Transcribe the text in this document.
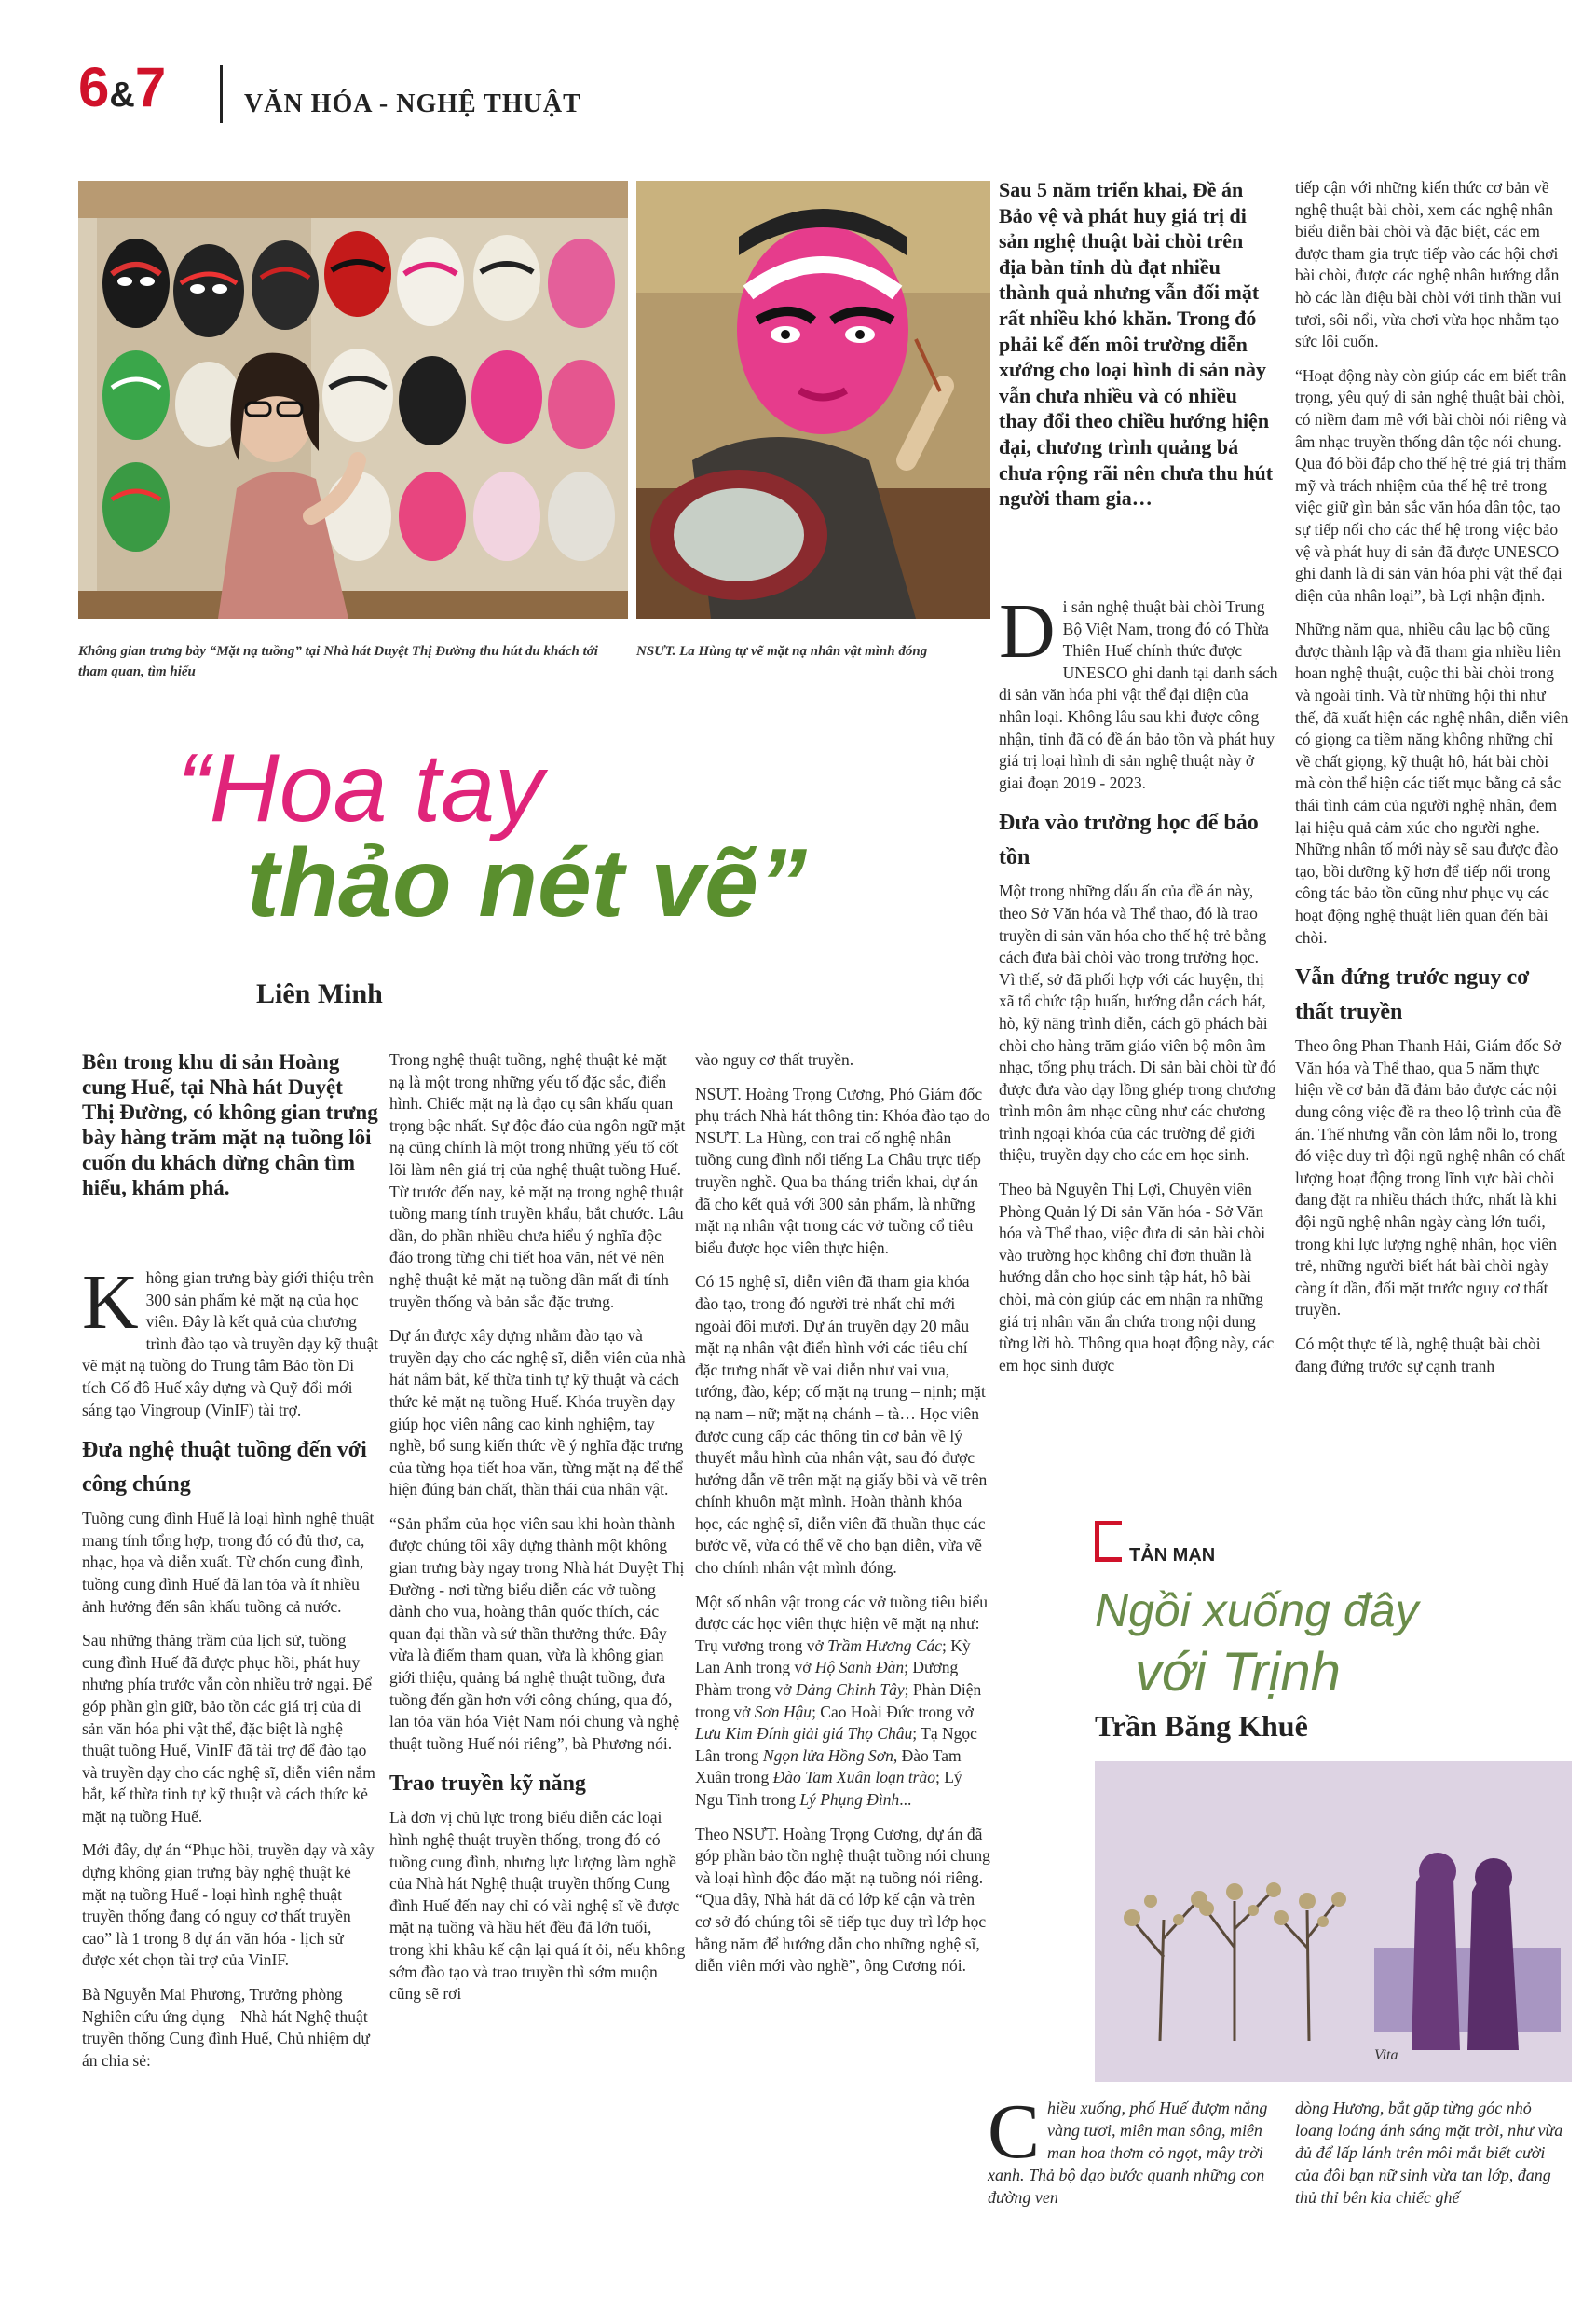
6&7	VĂN HÓA - NGHỆ THUẬT
Không gian trưng bày “Mặt nạ tuồng” tại Nhà hát Duyệt Thị Đường thu hút du khách tới tham quan, tìm hiểu
NSƯT. La Hùng tự vẽ mặt nạ nhân vật mình đóng
“Hoa tay
thảo nét vẽ”
Liên Minh
Bên trong khu di sản Hoàng cung Huế, tại Nhà hát Duyệt Thị Đường, có không gian trưng bày hàng trăm mặt nạ tuồng lôi cuốn du khách dừng chân tìm hiểu, khám phá.

Không gian trưng bày giới thiệu trên 300 sản phẩm kẻ mặt nạ của học viên. Đây là kết quả của chương trình đào tạo và truyền dạy kỹ thuật vẽ mặt nạ tuồng do Trung tâm Bảo tồn Di tích Cố đô Huế xây dựng và Quỹ đổi mới sáng tạo Vingroup (VinIF) tài trợ.

Đưa nghệ thuật tuồng đến với công chúng

Tuồng cung đình Huế là loại hình nghệ thuật mang tính tổng hợp, trong đó có đủ thơ, ca, nhạc, họa và diễn xuất. Từ chốn cung đình, tuồng cung đình Huế đã lan tỏa và ít nhiều ảnh hưởng đến sân khấu tuồng cả nước.

Sau những thăng trầm của lịch sử, tuồng cung đình Huế đã được phục hồi, phát huy nhưng phía trước vẫn còn nhiều trở ngại. Để góp phần gìn giữ, bảo tồn các giá trị của di sản văn hóa phi vật thể, đặc biệt là nghệ thuật tuồng Huế, VinIF đã tài trợ để đào tạo và truyền dạy cho các nghệ sĩ, diễn viên nắm bắt, kế thừa tinh tự kỹ thuật và cách thức kẻ mặt nạ tuồng Huế.

Mới đây, dự án “Phục hồi, truyền dạy và xây dựng không gian trưng bày nghệ thuật kẻ mặt nạ tuồng Huế - loại hình nghệ thuật truyền thống đang có nguy cơ thất truyền cao” là 1 trong 8 dự án văn hóa - lịch sử được xét chọn tài trợ của VinIF.

Bà Nguyễn Mai Phương, Trưởng phòng Nghiên cứu ứng dụng – Nhà hát Nghệ thuật truyền thống Cung đình Huế, Chủ nhiệm dự án chia sẻ:

Trong nghệ thuật tuồng, nghệ thuật kẻ mặt nạ là một trong những yếu tố đặc sắc, điển hình. Chiếc mặt nạ là đạo cụ sân khấu quan trọng bậc nhất. Sự độc đáo của ngôn ngữ mặt nạ cũng chính là một trong những yếu tố cốt lõi làm nên giá trị của nghệ thuật tuồng Huế. Từ trước đến nay, kẻ mặt nạ trong nghệ thuật tuồng mang tính truyền khẩu, bắt chước. Lâu dần, do phần nhiều chưa hiểu ý nghĩa độc đáo trong từng chi tiết hoa văn, nét vẽ nên nghệ thuật kẻ mặt nạ tuồng dần mất đi tính truyền thống và bản sắc đặc trưng.

Dự án được xây dựng nhằm đào tạo và truyền dạy cho các nghệ sĩ, diễn viên của nhà hát nắm bắt, kế thừa tinh tự kỹ thuật và cách thức kẻ mặt nạ tuồng Huế. Khóa truyền dạy giúp học viên nâng cao kinh nghiệm, tay nghề, bổ sung kiến thức về ý nghĩa đặc trưng của từng họa tiết hoa văn, từng mặt nạ để thể hiện đúng bản chất, thần thái của nhân vật.

“Sản phẩm của học viên sau khi hoàn thành được chúng tôi xây dựng thành một không gian trưng bày ngay trong Nhà hát Duyệt Thị Đường - nơi từng biểu diễn các vở tuồng dành cho vua, hoàng thân quốc thích, các quan đại thần và sứ thần thưởng thức. Đây vừa là điểm tham quan, vừa là không gian giới thiệu, quảng bá nghệ thuật tuồng, đưa tuồng đến gần hơn với công chúng, qua đó, lan tỏa văn hóa Việt Nam nói chung và nghệ thuật tuồng Huế nói riêng”, bà Phương nói.

Trao truyền kỹ năng

Là đơn vị chủ lực trong biểu diễn các loại hình nghệ thuật truyền thống, trong đó có tuồng cung đình, nhưng lực lượng làm nghề của Nhà hát Nghệ thuật truyền thống Cung đình Huế đến nay chỉ có vài nghệ sĩ về được mặt nạ tuồng và hầu hết đều đã lớn tuổi, trong khi khâu kế cận lại quá ít ỏi, nếu không sớm đào tạo và trao truyền thì sớm muộn cũng sẽ rơi

vào nguy cơ thất truyền.

NSƯT. Hoàng Trọng Cương, Phó Giám đốc phụ trách Nhà hát thông tin: Khóa đào tạo do NSƯT. La Hùng, con trai cố nghệ nhân tuồng cung đình nổi tiếng La Châu trực tiếp truyền nghề. Qua ba tháng triển khai, dự án đã cho kết quả với 300 sản phẩm, là những mặt nạ nhân vật trong các vở tuồng cổ tiêu biểu được học viên thực hiện.

Có 15 nghệ sĩ, diễn viên đã tham gia khóa đào tạo, trong đó người trẻ nhất chỉ mới ngoài đôi mươi. Dự án truyền dạy 20 mẫu mặt nạ nhân vật điển hình với các tiêu chí đặc trưng nhất về vai diễn như vai vua, tướng, đào, kép; cố mặt nạ trung – nịnh; mặt nạ nam – nữ; mặt nạ chánh – tà… Học viên được cung cấp các thông tin cơ bản về lý thuyết mẫu hình của nhân vật, sau đó được hướng dẫn vẽ trên mặt nạ giấy bồi và vẽ trên chính khuôn mặt mình. Hoàn thành khóa học, các nghệ sĩ, diễn viên đã thuần thục các bước vẽ, vừa có thể vẽ cho bạn diễn, vừa vẽ cho chính nhân vật mình đóng.

Một số nhân vật trong các vở tuồng tiêu biểu được các học viên thực hiện vẽ mặt nạ như: Trụ vương trong vở Trầm Hương Các; Kỳ Lan Anh trong vở Hộ Sanh Đàn; Dương Phàm trong vở Đảng Chinh Tây; Phàn Diện trong vở Sơn Hậu; Cao Hoài Đức trong vở Lưu Kim Đính giải giá Thọ Châu; Tạ Ngọc Lân trong Ngọn lửa Hồng Sơn, Đào Tam Xuân trong Đào Tam Xuân loạn trào; Lý Ngu Tinh trong Lý Phụng Đình...

Theo NSƯT. Hoàng Trọng Cương, dự án đã góp phần bảo tồn nghệ thuật tuồng nói chung và loại hình độc đáo mặt nạ tuồng nói riêng. “Qua đây, Nhà hát đã có lớp kế cận và trên cơ sở đó chúng tôi sẽ tiếp tục duy trì lớp học hằng năm để hướng dẫn cho những nghệ sĩ, diễn viên mới vào nghề”, ông Cương nói.

Sau 5 năm triển khai, Đề án Bảo vệ và phát huy giá trị di sản nghệ thuật bài chòi trên địa bàn tỉnh dù đạt nhiều thành quả nhưng vẫn đối mặt rất nhiều khó khăn. Trong đó phải kể đến môi trường diễn xướng cho loại hình di sản này vẫn chưa nhiều và có nhiều thay đổi theo chiều hướng hiện đại, chương trình quảng bá chưa rộng rãi nên chưa thu hút người tham gia…

Di sản nghệ thuật bài chòi Trung Bộ Việt Nam, trong đó có Thừa Thiên Huế chính thức được UNESCO ghi danh tại danh sách di sản văn hóa phi vật thể đại diện của nhân loại. Không lâu sau khi được công nhận, tỉnh đã có đề án bảo tồn và phát huy giá trị loại hình di sản nghệ thuật này ở giai đoạn 2019 - 2023.

Đưa vào trường học để bảo tồn

Một trong những dấu ấn của đề án này, theo Sở Văn hóa và Thể thao, đó là trao truyền di sản văn hóa cho thế hệ trẻ bằng cách đưa bài chòi vào trong trường học. Vì thế, sở đã phối hợp với các huyện, thị xã tổ chức tập huấn, hướng dẫn cách hát, hò, kỹ năng trình diễn, cách gõ phách bài chòi cho hàng trăm giáo viên bộ môn âm nhạc, tổng phụ trách. Di sản bài chòi từ đó được đưa vào dạy lồng ghép trong chương trình môn âm nhạc cũng như các chương trình ngoại khóa của các trường để giới thiệu, truyền dạy cho các em học sinh.

Theo bà Nguyễn Thị Lợi, Chuyên viên Phòng Quản lý Di sản Văn hóa - Sở Văn hóa và Thể thao, việc đưa di sản bài chòi vào trường học không chỉ đơn thuần là hướng dẫn cho học sinh tập hát, hô bài chòi, mà còn giúp các em nhận ra những giá trị nhân văn ẩn chứa trong nội dung từng lời hò. Thông qua hoạt động này, các em học sinh được

tiếp cận với những kiến thức cơ bản về nghệ thuật bài chòi, xem các nghệ nhân biểu diễn bài chòi và đặc biệt, các em được tham gia trực tiếp vào các hội chơi bài chòi, được các nghệ nhân hướng dẫn hò các làn điệu bài chòi với tinh thần vui tươi, sôi nổi, vừa chơi vừa học nhằm tạo sức lôi cuốn.

“Hoạt động này còn giúp các em biết trân trọng, yêu quý di sản nghệ thuật bài chòi, có niềm đam mê với bài chòi nói riêng và âm nhạc truyền thống dân tộc nói chung. Qua đó bồi đắp cho thế hệ trẻ giá trị thẩm mỹ và trách nhiệm của thế hệ trẻ trong việc giữ gìn bản sắc văn hóa dân tộc, tạo sự tiếp nối cho các thế hệ trong việc bảo vệ và phát huy di sản đã được UNESCO ghi danh là di sản văn hóa phi vật thể đại diện của nhân loại”, bà Lợi nhận định.

Những năm qua, nhiều câu lạc bộ cũng được thành lập và đã tham gia nhiều liên hoan nghệ thuật, cuộc thi bài chòi trong và ngoài tỉnh. Và từ những hội thi như thế, đã xuất hiện các nghệ nhân, diễn viên có giọng ca tiềm năng không những chỉ về chất giọng, kỹ thuật hô, hát bài chòi mà còn thể hiện các tiết mục bằng cả sắc thái tình cảm của người nghệ nhân, đem lại hiệu quả cảm xúc cho người nghe. Những nhân tố mới này sẽ sau được đào tạo, bồi dưỡng kỹ hơn để tiếp nối trong công tác bảo tồn cũng như phục vụ các hoạt động nghệ thuật liên quan đến bài chòi.

Vẫn đứng trước nguy cơ thất truyền

Theo ông Phan Thanh Hải, Giám đốc Sở Văn hóa và Thể thao, qua 5 năm thực hiện về cơ bản đã đảm bảo được các nội dung công việc đề ra theo lộ trình của đề án. Thế nhưng vẫn còn lắm nỗi lo, trong đó việc duy trì đội ngũ nghệ nhân có chất lượng hoạt động trong lĩnh vực bài chòi đang đặt ra nhiều thách thức, nhất là khi đội ngũ nghệ nhân ngày càng lớn tuổi, trong khi lực lượng nghệ nhân, học viên trẻ, những người biết hát bài chòi ngày càng ít dần, đối mặt trước nguy cơ thất truyền.

Có một thực tế là, nghệ thuật bài chòi đang đứng trước sự cạnh tranh

TẢN MẠN
Ngồi xuống đây
với Trịnh
Trần Băng Khuê
Vita

Chiều xuống, phố Huế đượm nắng vàng tươi, miên man sông, miên man hoa thơm cỏ ngọt, mây trời xanh. Thả bộ dạo bước quanh những con đường ven

dòng Hương, bắt gặp từng góc nhỏ loang loáng ánh sáng mặt trời, như vừa đủ để lấp lánh trên môi mắt biết cười của đôi bạn nữ sinh vừa tan lớp, đang thủ thỉ bên kia chiếc ghế
